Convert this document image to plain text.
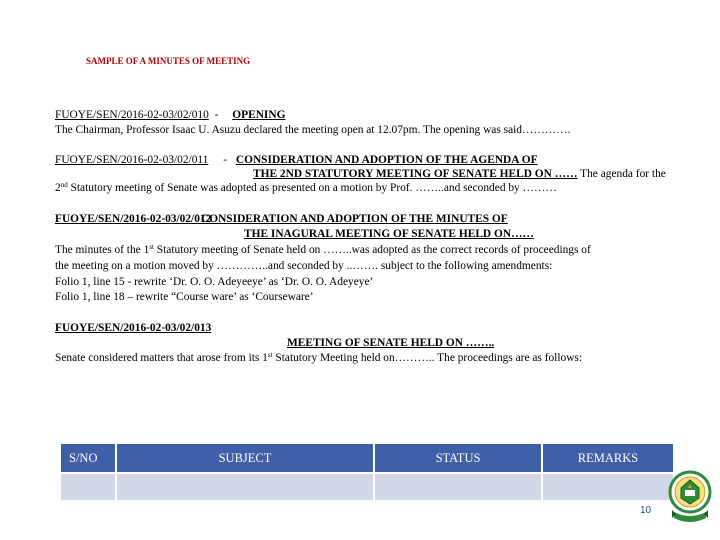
SAMPLE OF A MINUTES OF MEETING
FUOYE/SEN/2016-02-03/02/010 - OPENING
The Chairman, Professor Isaac U. Asuzu declared the meeting open at 12.07pm. The opening was said………….
FUOYE/SEN/2016-02-03/02/011 - CONSIDERATION AND ADOPTION OF THE AGENDA OF
THE 2ND STATUTORY MEETING OF SENATE HELD ON …… The agenda for the
2nd Statutory meeting of Senate was adopted as presented on a motion by Prof. ……..and seconded by ………
FUOYE/SEN/2016-02-03/02/012
CONSIDERATION AND ADOPTION OF THE MINUTES OF
THE INAGURAL MEETING OF SENATE HELD ON……
The minutes of the 1st Statutory meeting of Senate held on ……..was adopted as the correct records of proceedings of
the meeting on a motion moved by …………..and seconded by ..……. subject to the following amendments:
Folio 1, line 15 - rewrite ‘Dr. O. O. Adeyeeye’ as ‘Dr. O. O. Adeyeye’
Folio 1, line 18 – rewrite “Course ware’ as ‘Courseware’
FUOYE/SEN/2016-02-03/02/013
MEETING OF SENATE HELD ON ……..
Senate considered matters that arose from its 1st Statutory Meeting held on……….. The proceedings are as follows:
S/NO	SUBJECT	STATUS	REMARKS

10
